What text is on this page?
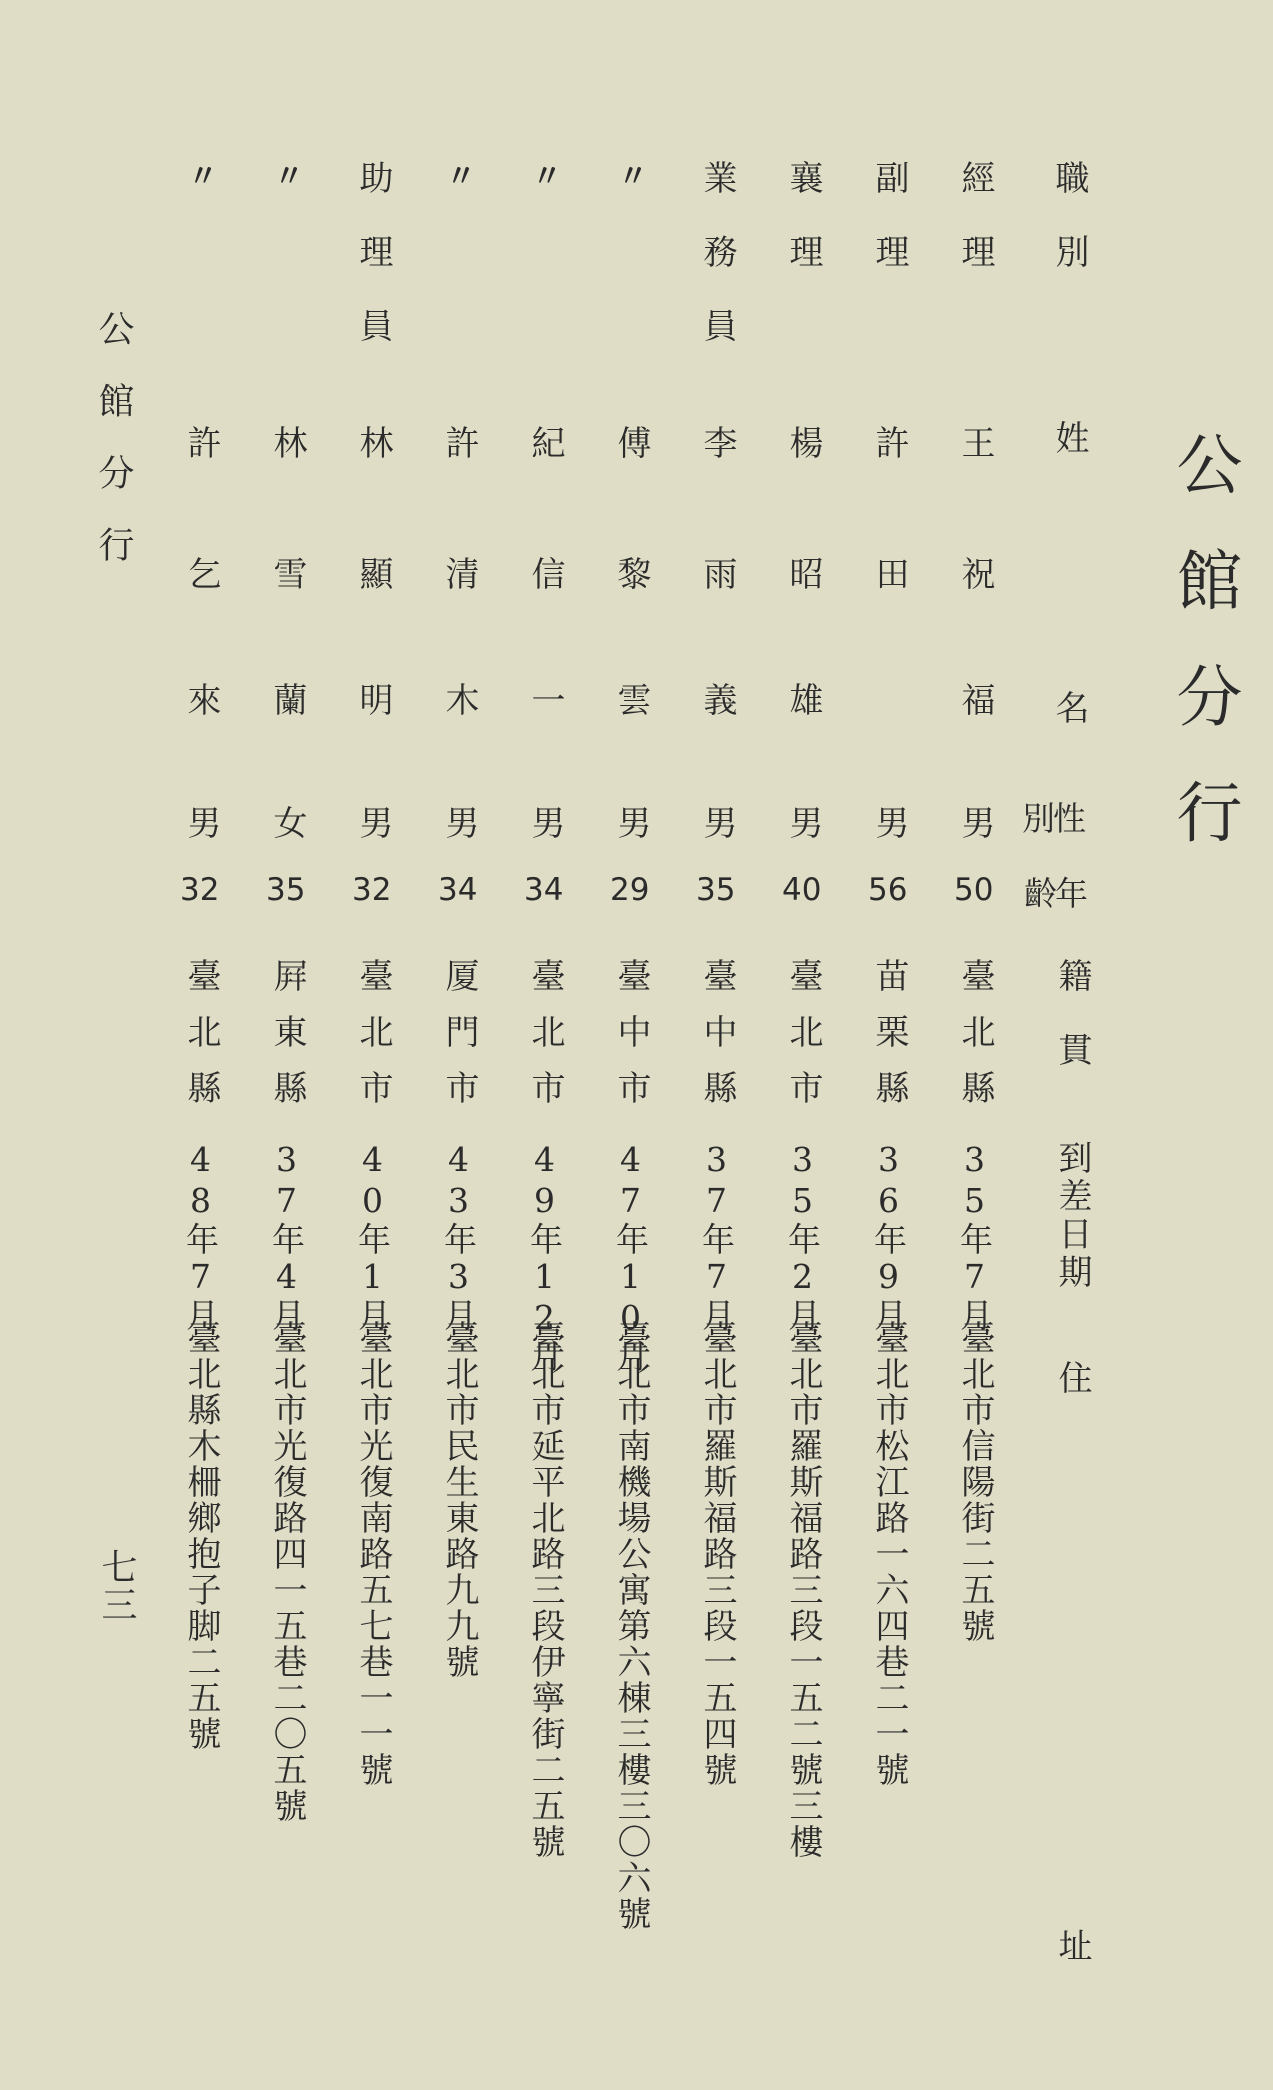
公館分行
公館分行
七三
職別
姓
名
別性
齡年
籍貫
到差日期
住
址
經理
王
祝福
男
50
臺北縣
35年7月
臺北市信陽街二五號
副理
許
田
男
56
苗栗縣
36年9月
臺北市松江路一六四巷二一號
襄理
楊
昭雄
男
40
臺北市
35年2月
臺北市羅斯福路三段一五二號三樓
業務員
李
雨義
男
35
臺中縣
37年7月
臺北市羅斯福路三段一五四號
〃
傅
黎雲
男
29
臺中市
47年10月
臺北市南機場公寓第六棟三樓三〇六號
〃
紀
信一
男
34
臺北市
49年12月
臺北市延平北路三段伊寧街二五號
〃
許
清木
男
34
厦門市
43年3月
臺北市民生東路九九號
助理員
林
顯明
男
32
臺北市
40年1月
臺北市光復南路五七巷一一號
〃
林
雪蘭
女
35
屛東縣
37年4月
臺北市光復路四一五巷二〇五號
〃
許
乞來
男
32
臺北縣
48年7月
臺北縣木柵鄉抱子脚二五號
